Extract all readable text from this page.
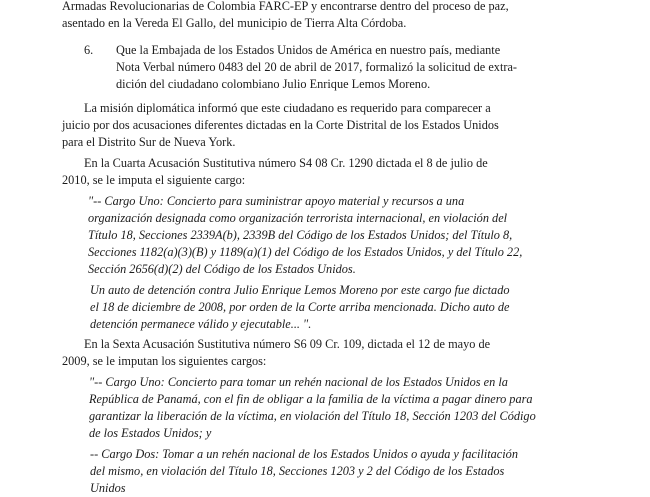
Armadas Revolucionarias de Colombia FARC-EP y encontrarse dentro del proceso de paz,
asentado en la Vereda El Gallo, del municipio de Tierra Alta Córdoba.
6.	Que la Embajada de los Estados Unidos de América en nuestro país, mediante
Nota Verbal número 0483 del 20 de abril de 2017, formalizó la solicitud de extra-
dición del ciudadano colombiano Julio Enrique Lemos Moreno.
La misión diplomática informó que este ciudadano es requerido para comparecer a
juicio por dos acusaciones diferentes dictadas en la Corte Distrital de los Estados Unidos
para el Distrito Sur de Nueva York.
En la Cuarta Acusación Sustitutiva número S4 08 Cr. 1290 dictada el 8 de julio de
2010, se le imputa el siguiente cargo:
"-- Cargo Uno: Concierto para suministrar apoyo material y recursos a una
organización designada como organización terrorista internacional, en violación del
Título 18, Secciones 2339A(b), 2339B del Código de los Estados Unidos; del Título 8,
Secciones 1182(a)(3)(B) y 1189(a)(1) del Código de los Estados Unidos, y del Título 22,
Sección 2656(d)(2) del Código de los Estados Unidos.
Un auto de detención contra Julio Enrique Lemos Moreno por este cargo fue dictado
el 18 de diciembre de 2008, por orden de la Corte arriba mencionada. Dicho auto de
detención permanece válido y ejecutable... ".
En la Sexta Acusación Sustitutiva número S6 09 Cr. 109, dictada el 12 de mayo de
2009, se le imputan los siguientes cargos:
"-- Cargo Uno: Concierto para tomar un rehén nacional de los Estados Unidos en la
República de Panamá, con el fin de obligar a la familia de la víctima a pagar dinero para
garantizar la liberación de la víctima, en violación del Título 18, Sección 1203 del Código
de los Estados Unidos; y
-- Cargo Dos: Tomar a un rehén nacional de los Estados Unidos o ayuda y facilitación
del mismo, en violación del Título 18, Secciones 1203 y 2 del Código de los Estados
Unidos
